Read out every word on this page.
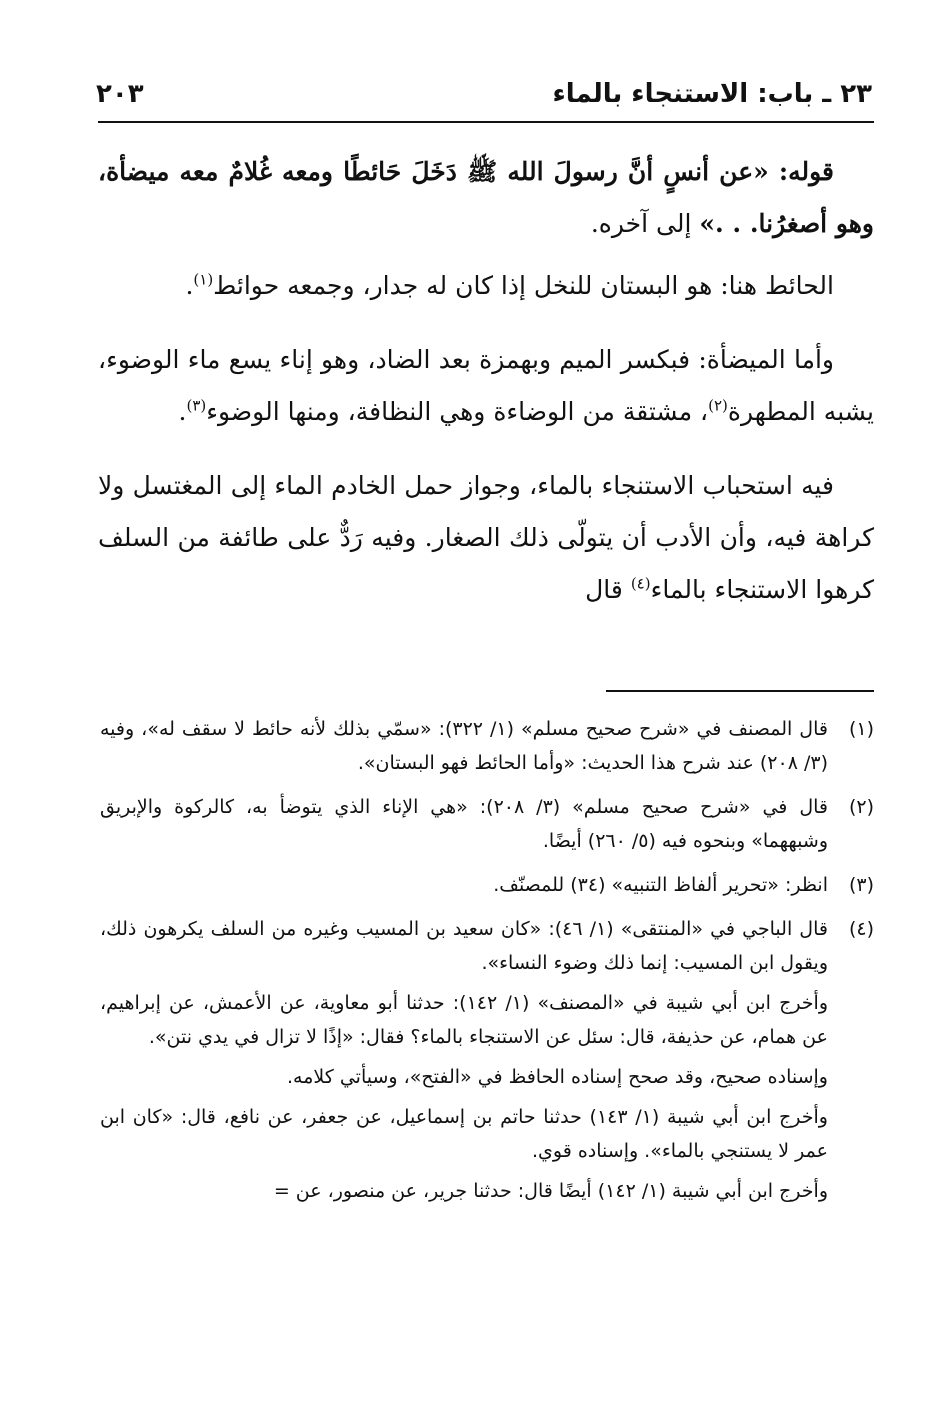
٢٣ ـ باب: الاستنجاء بالماء
٢٠٣

قوله: «عن أنسٍ أنَّ رسولَ الله ﷺ دَخَلَ حَائطًا ومعه غُلامٌ معه ميضأة، وهو أصغرُنا. . .» إلى آخره.

الحائط هنا: هو البستان للنخل إذا كان له جدار، وجمعه حوائط$^{(١)}$.

وأما الميضأة: فبكسر الميم وبهمزة بعد الضاد، وهو إناء يسع ماء الوضوء، يشبه المطهرة$^{(٢)}$، مشتقة من الوضاءة وهي النظافة، ومنها الوضوء$^{(٣)}$.

فيه استحباب الاستنجاء بالماء، وجواز حمل الخادم الماء إلى المغتسل ولا كراهة فيه، وأن الأدب أن يتولّى ذلك الصغار. وفيه رَدٌّ على طائفة من السلف كرهوا الاستنجاء بالماء$^{(٤)}$ قال

(١)
قال المصنف في «شرح صحيح مسلم» (١/ ٣٢٢): «سمّي بذلك لأنه حائط لا سقف له»، وفيه (٣/ ٢٠٨) عند شرح هذا الحديث: «وأما الحائط فهو البستان».
(٢)
قال في «شرح صحيح مسلم» (٣/ ٢٠٨): «هي الإناء الذي يتوضأ به، كالركوة والإبريق وشبههما» وبنحوه فيه (٥/ ٢٦٠) أيضًا.
(٣)
انظر: «تحرير ألفاظ التنبيه» (٣٤) للمصنّف.
(٤)
قال الباجي في «المنتقى» (١/ ٤٦): «كان سعيد بن المسيب وغيره من السلف يكرهون ذلك، ويقول ابن المسيب: إنما ذلك وضوء النساء».
وأخرج ابن أبي شيبة في «المصنف» (١/ ١٤٢): حدثنا أبو معاوية، عن الأعمش، عن إبراهيم، عن همام، عن حذيفة، قال: سئل عن الاستنجاء بالماء؟ فقال: «إذًا لا تزال في يدي نتن».
وإسناده صحيح، وقد صحح إسناده الحافظ في «الفتح»، وسيأتي كلامه.
وأخرج ابن أبي شيبة (١/ ١٤٣) حدثنا حاتم بن إسماعيل، عن جعفر، عن نافع، قال: «كان ابن عمر لا يستنجي بالماء». وإسناده قوي.
وأخرج ابن أبي شيبة (١/ ١٤٢) أيضًا قال: حدثنا جرير، عن منصور، عن =
